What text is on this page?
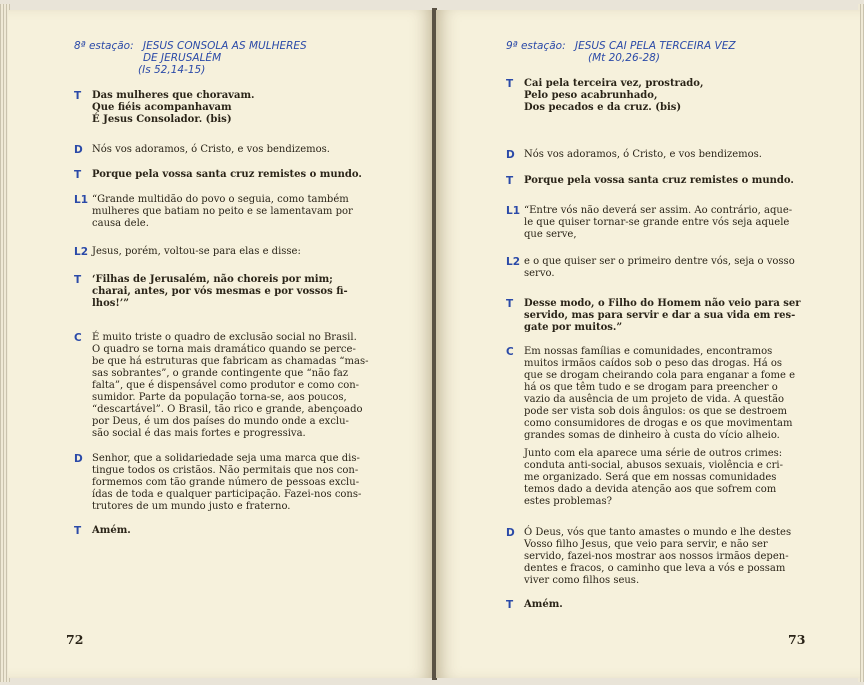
8ª estação: JESUS CONSOLA AS MULHERES
DE JERUSALÉM
(Is 52,14-15)
T Das mulheres que choravam.
Que fiéis acompanhavam
É Jesus Consolador. (bis)
D Nós vos adoramos, ó Cristo, e vos bendizemos.
T Porque pela vossa santa cruz remistes o mundo.
L1 “Grande multidão do povo o seguia, como também
mulheres que batiam no peito e se lamentavam por
causa dele.
L2 Jesus, porém, voltou-se para elas e disse:
T ‘Filhas de Jerusalém, não choreis por mim;
charai, antes, por vós mesmas e por vossos fi-
lhos!’”
C É muito triste o quadro de exclusão social no Brasil.
O quadro se torna mais dramático quando se perce-
be que há estruturas que fabricam as chamadas “mas-
sas sobrantes”, o grande contingente que “não faz
falta”, que é dispensável como produtor e como con-
sumidor. Parte da população torna-se, aos poucos,
“descartável”. O Brasil, tão rico e grande, abençoado
por Deus, é um dos países do mundo onde a exclu-
são social é das mais fortes e progressiva.
D Senhor, que a solidariedade seja uma marca que dis-
tingue todos os cristãos. Não permitais que nos con-
formemos com tão grande número de pessoas exclu-
ídas de toda e qualquer participação. Fazei-nos cons-
trutores de um mundo justo e fraterno.
T Amém.
72
9ª estação: JESUS CAI PELA TERCEIRA VEZ
(Mt 20,26-28)
T Cai pela terceira vez, prostrado,
Pelo peso acabrunhado,
Dos pecados e da cruz. (bis)
D Nós vos adoramos, ó Cristo, e vos bendizemos.
T Porque pela vossa santa cruz remistes o mundo.
L1 “Entre vós não deverá ser assim. Ao contrário, aque-
le que quiser tornar-se grande entre vós seja aquele
que serve,
L2 e o que quiser ser o primeiro dentre vós, seja o vosso
servo.
T Desse modo, o Filho do Homem não veio para ser
servido, mas para servir e dar a sua vida em res-
gate por muitos.”
C Em nossas famílias e comunidades, encontramos
muitos irmãos caídos sob o peso das drogas. Há os
que se drogam cheirando cola para enganar a fome e
há os que têm tudo e se drogam para preencher o
vazio da ausência de um projeto de vida. A questão
pode ser vista sob dois ângulos: os que se destroem
como consumidores de drogas e os que movimentam
grandes somas de dinheiro à custa do vício alheio.
Junto com ela aparece uma série de outros crimes:
conduta anti-social, abusos sexuais, violência e cri-
me organizado. Será que em nossas comunidades
temos dado a devida atenção aos que sofrem com
estes problemas?
D Ó Deus, vós que tanto amastes o mundo e lhe destes
Vosso filho Jesus, que veio para servir, e não ser
servido, fazei-nos mostrar aos nossos irmãos depen-
dentes e fracos, o caminho que leva a vós e possam
viver como filhos seus.
T Amém.
73
